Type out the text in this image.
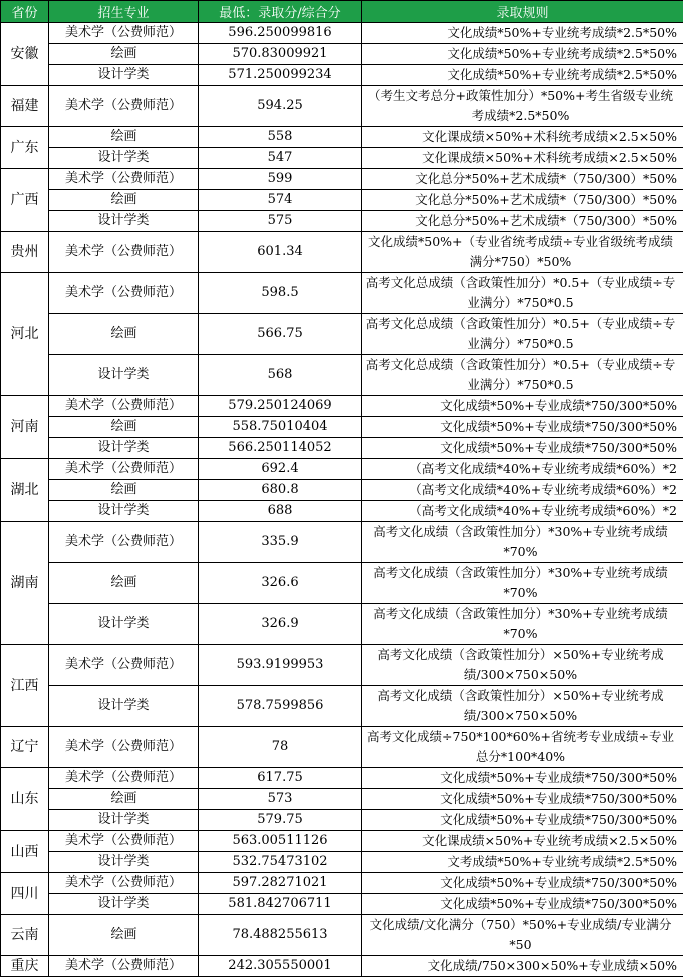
省份	招生专业	最低：录取分/综合分	录取规则
安徽	美术学（公费师范）	596.250099816	文化成绩*50%+专业统考成绩*2.5*50%
	绘画	570.83009921	文化成绩*50%+专业统考成绩*2.5*50%
	设计学类	571.250099234	文化成绩*50%+专业统考成绩*2.5*50%
福建	美术学（公费师范）	594.25	（考生文考总分+政策性加分）*50%+考生省级专业统考成绩*2.5*50%
广东	绘画	558	文化课成绩×50%+术科统考成绩×2.5×50%
	设计学类	547	文化课成绩×50%+术科统考成绩×2.5×50%
广西	美术学（公费师范）	599	文化总分*50%+艺术成绩*（750/300）*50%
	绘画	574	文化总分*50%+艺术成绩*（750/300）*50%
	设计学类	575	文化总分*50%+艺术成绩*（750/300）*50%
贵州	美术学（公费师范）	601.34	文化成绩*50%+（专业省统考成绩÷专业省级统考成绩满分*750）*50%
河北	美术学（公费师范）	598.5	高考文化总成绩（含政策性加分）*0.5+（专业成绩÷专业满分）*750*0.5
	绘画	566.75	高考文化总成绩（含政策性加分）*0.5+（专业成绩÷专业满分）*750*0.5
	设计学类	568	高考文化总成绩（含政策性加分）*0.5+（专业成绩÷专业满分）*750*0.5
河南	美术学（公费师范）	579.250124069	文化成绩*50%+专业成绩*750/300*50%
	绘画	558.75010404	文化成绩*50%+专业成绩*750/300*50%
	设计学类	566.250114052	文化成绩*50%+专业成绩*750/300*50%
湖北	美术学（公费师范）	692.4	（高考文化成绩*40%+专业统考成绩*60%）*2
	绘画	680.8	（高考文化成绩*40%+专业统考成绩*60%）*2
	设计学类	688	（高考文化成绩*40%+专业统考成绩*60%）*2
湖南	美术学（公费师范）	335.9	高考文化成绩（含政策性加分）*30%+专业统考成绩*70%
	绘画	326.6	高考文化成绩（含政策性加分）*30%+专业统考成绩*70%
	设计学类	326.9	高考文化成绩（含政策性加分）*30%+专业统考成绩*70%
江西	美术学（公费师范）	593.9199953	高考文化成绩（含政策性加分）×50%+专业统考成绩/300×750×50%
	设计学类	578.7599856	高考文化成绩（含政策性加分）×50%+专业统考成绩/300×750×50%
辽宁	美术学（公费师范）	78	高考文化成绩÷750*100*60%+省统考专业成绩÷专业总分*100*40%
山东	美术学（公费师范）	617.75	文化成绩*50%+专业成绩*750/300*50%
	绘画	573	文化成绩*50%+专业成绩*750/300*50%
	设计学类	579.75	文化成绩*50%+专业成绩*750/300*50%
山西	美术学（公费师范）	563.00511126	文化课成绩×50%+专业统考成绩×2.5×50%
	设计学类	532.75473102	文考成绩*50%+专业统考成绩*2.5*50%
四川	美术学（公费师范）	597.28271021	文化成绩*50%+专业成绩*750/300*50%
	设计学类	581.842706711	文化成绩*50%+专业成绩*750/300*50%
云南	绘画	78.488255613	文化成绩/文化满分（750）*50%+专业成绩/专业满分*50
重庆	美术学（公费师范）	242.305550001	文化成绩/750×300×50%+专业成绩×50%
